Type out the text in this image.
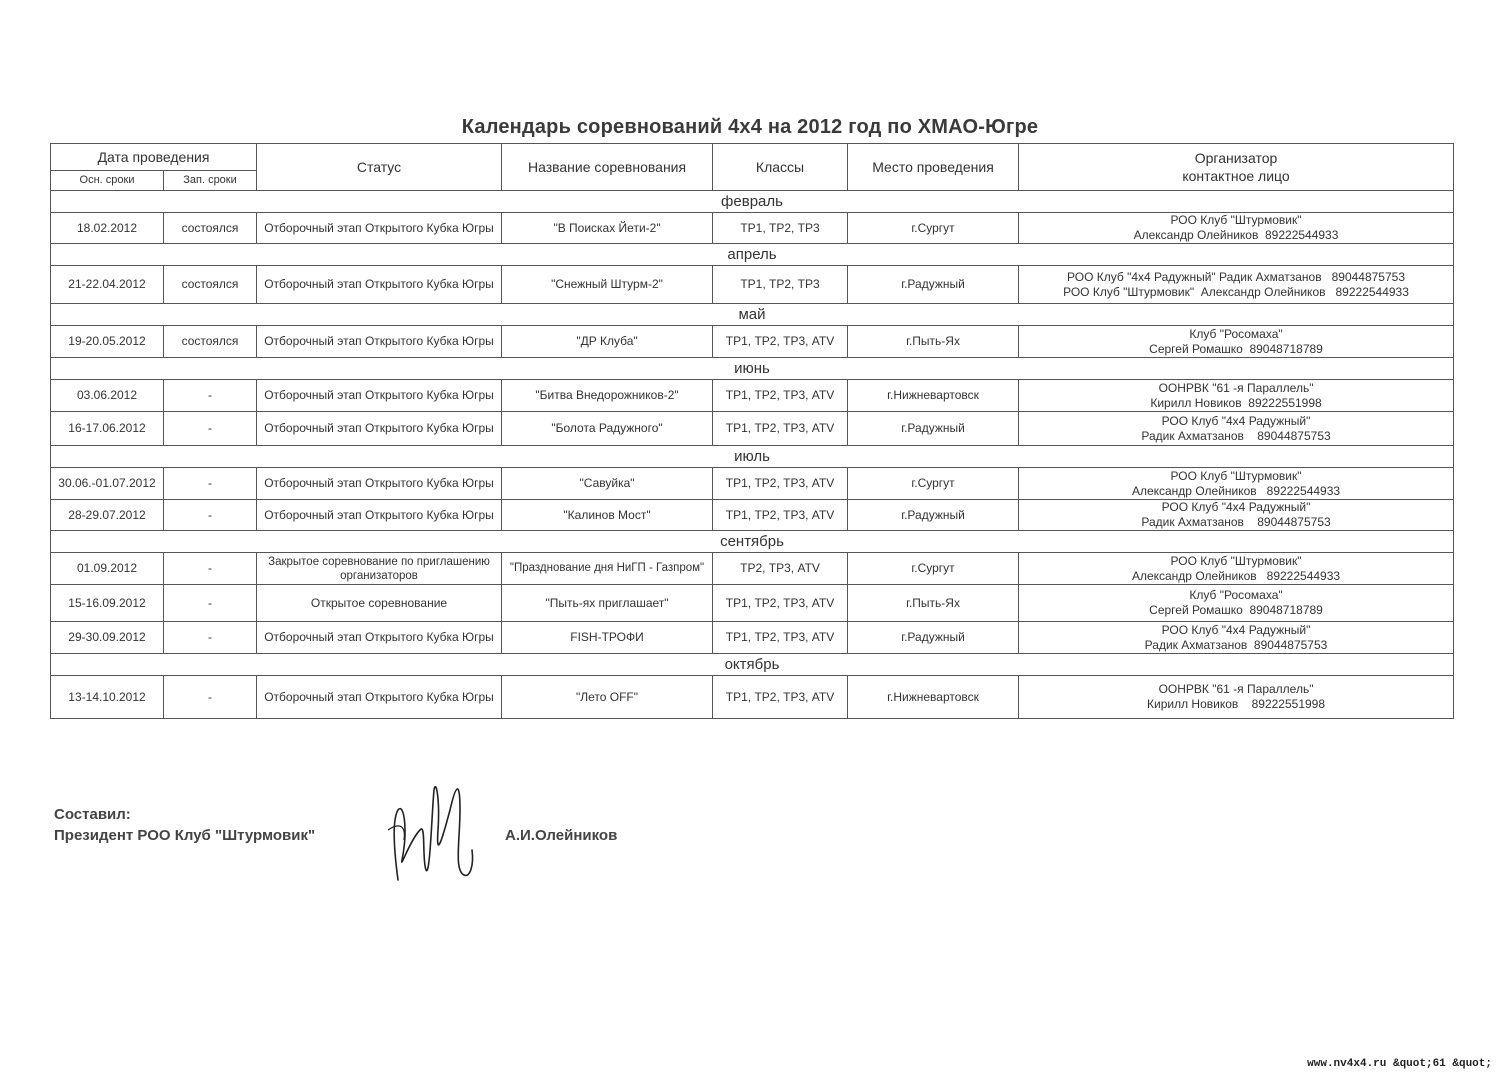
Календарь соревнований 4х4 на 2012 год по ХМАО-Югре
Дата проведения		Статус	Название соревнования	Классы	Место проведения	Организатор
контактное лицо

Осн. сроки	Зап. сроки					
февраль						
18.02.2012	состоялся	Отборочный этап Открытого Кубка Югры	"В Поисках Йети-2"	ТР1, ТР2, ТР3	г.Сургут	РОО Клуб "Штурмовик"
Александр Олейников  89222544933

апрель						
21-22.04.2012	состоялся	Отборочный этап Открытого Кубка Югры	"Снежный Штурм-2"	ТР1, ТР2, ТР3	г.Радужный	РОО Клуб "4х4 Радужный" Радик Ахматзанов   89044875753
РОО Клуб "Штурмовик"  Александр Олейников   89222544933

май						
19-20.05.2012	состоялся	Отборочный этап Открытого Кубка Югры	"ДР Клуба"	ТР1, ТР2, ТР3, ATV	г.Пыть-Ях	Клуб "Росомаха"
Сергей Ромашко  89048718789

июнь						
03.06.2012	-	Отборочный этап Открытого Кубка Югры	"Битва Внедорожников-2"	ТР1, ТР2, ТР3, ATV	г.Нижневартовск	ООНРВК "61 -я Параллель"
Кирилл Новиков  89222551998

16-17.06.2012	-	Отборочный этап Открытого Кубка Югры	"Болота Радужного"	ТР1, ТР2, ТР3, ATV	г.Радужный	РОО Клуб "4х4 Радужный"
Радик Ахматзанов    89044875753

июль						
30.06.-01.07.2012	-	Отборочный этап Открытого Кубка Югры	"Савуйка"	ТР1, ТР2, ТР3, ATV	г.Сургут	РОО Клуб "Штурмовик"
Александр Олейников   89222544933

28-29.07.2012	-	Отборочный этап Открытого Кубка Югры	"Калинов Мост"	ТР1, ТР2, ТР3, ATV	г.Радужный	РОО Клуб "4х4 Радужный"
Радик Ахматзанов    89044875753

сентябрь						
01.09.2012	-	Закрытое соревнование по приглашению организаторов	"Празднование дня НиГП - Газпром"	ТР2, ТР3, ATV	г.Сургут	РОО Клуб "Штурмовик"
Александр Олейников   89222544933

15-16.09.2012	-	Открытое соревнование	"Пыть-ях приглашает"	ТР1, ТР2, ТР3, ATV	г.Пыть-Ях	Клуб "Росомаха"
Сергей Ромашко  89048718789

29-30.09.2012	-	Отборочный этап Открытого Кубка Югры	FISH-ТРОФИ	ТР1, ТР2, ТР3, ATV	г.Радужный	РОО Клуб "4х4 Радужный"
Радик Ахматзанов  89044875753

октябрь						
13-14.10.2012	-	Отборочный этап Открытого Кубка Югры	"Лето OFF"	ТР1, ТР2, ТР3, ATV	г.Нижневартовск	ООНРВК "61 -я Параллель"
Кирилл Новиков    89222551998
Составил:
Президент РОО Клуб "Штурмовик"	А.И.Олейников
www.nv4x4.ru &quot;61 &quot;
